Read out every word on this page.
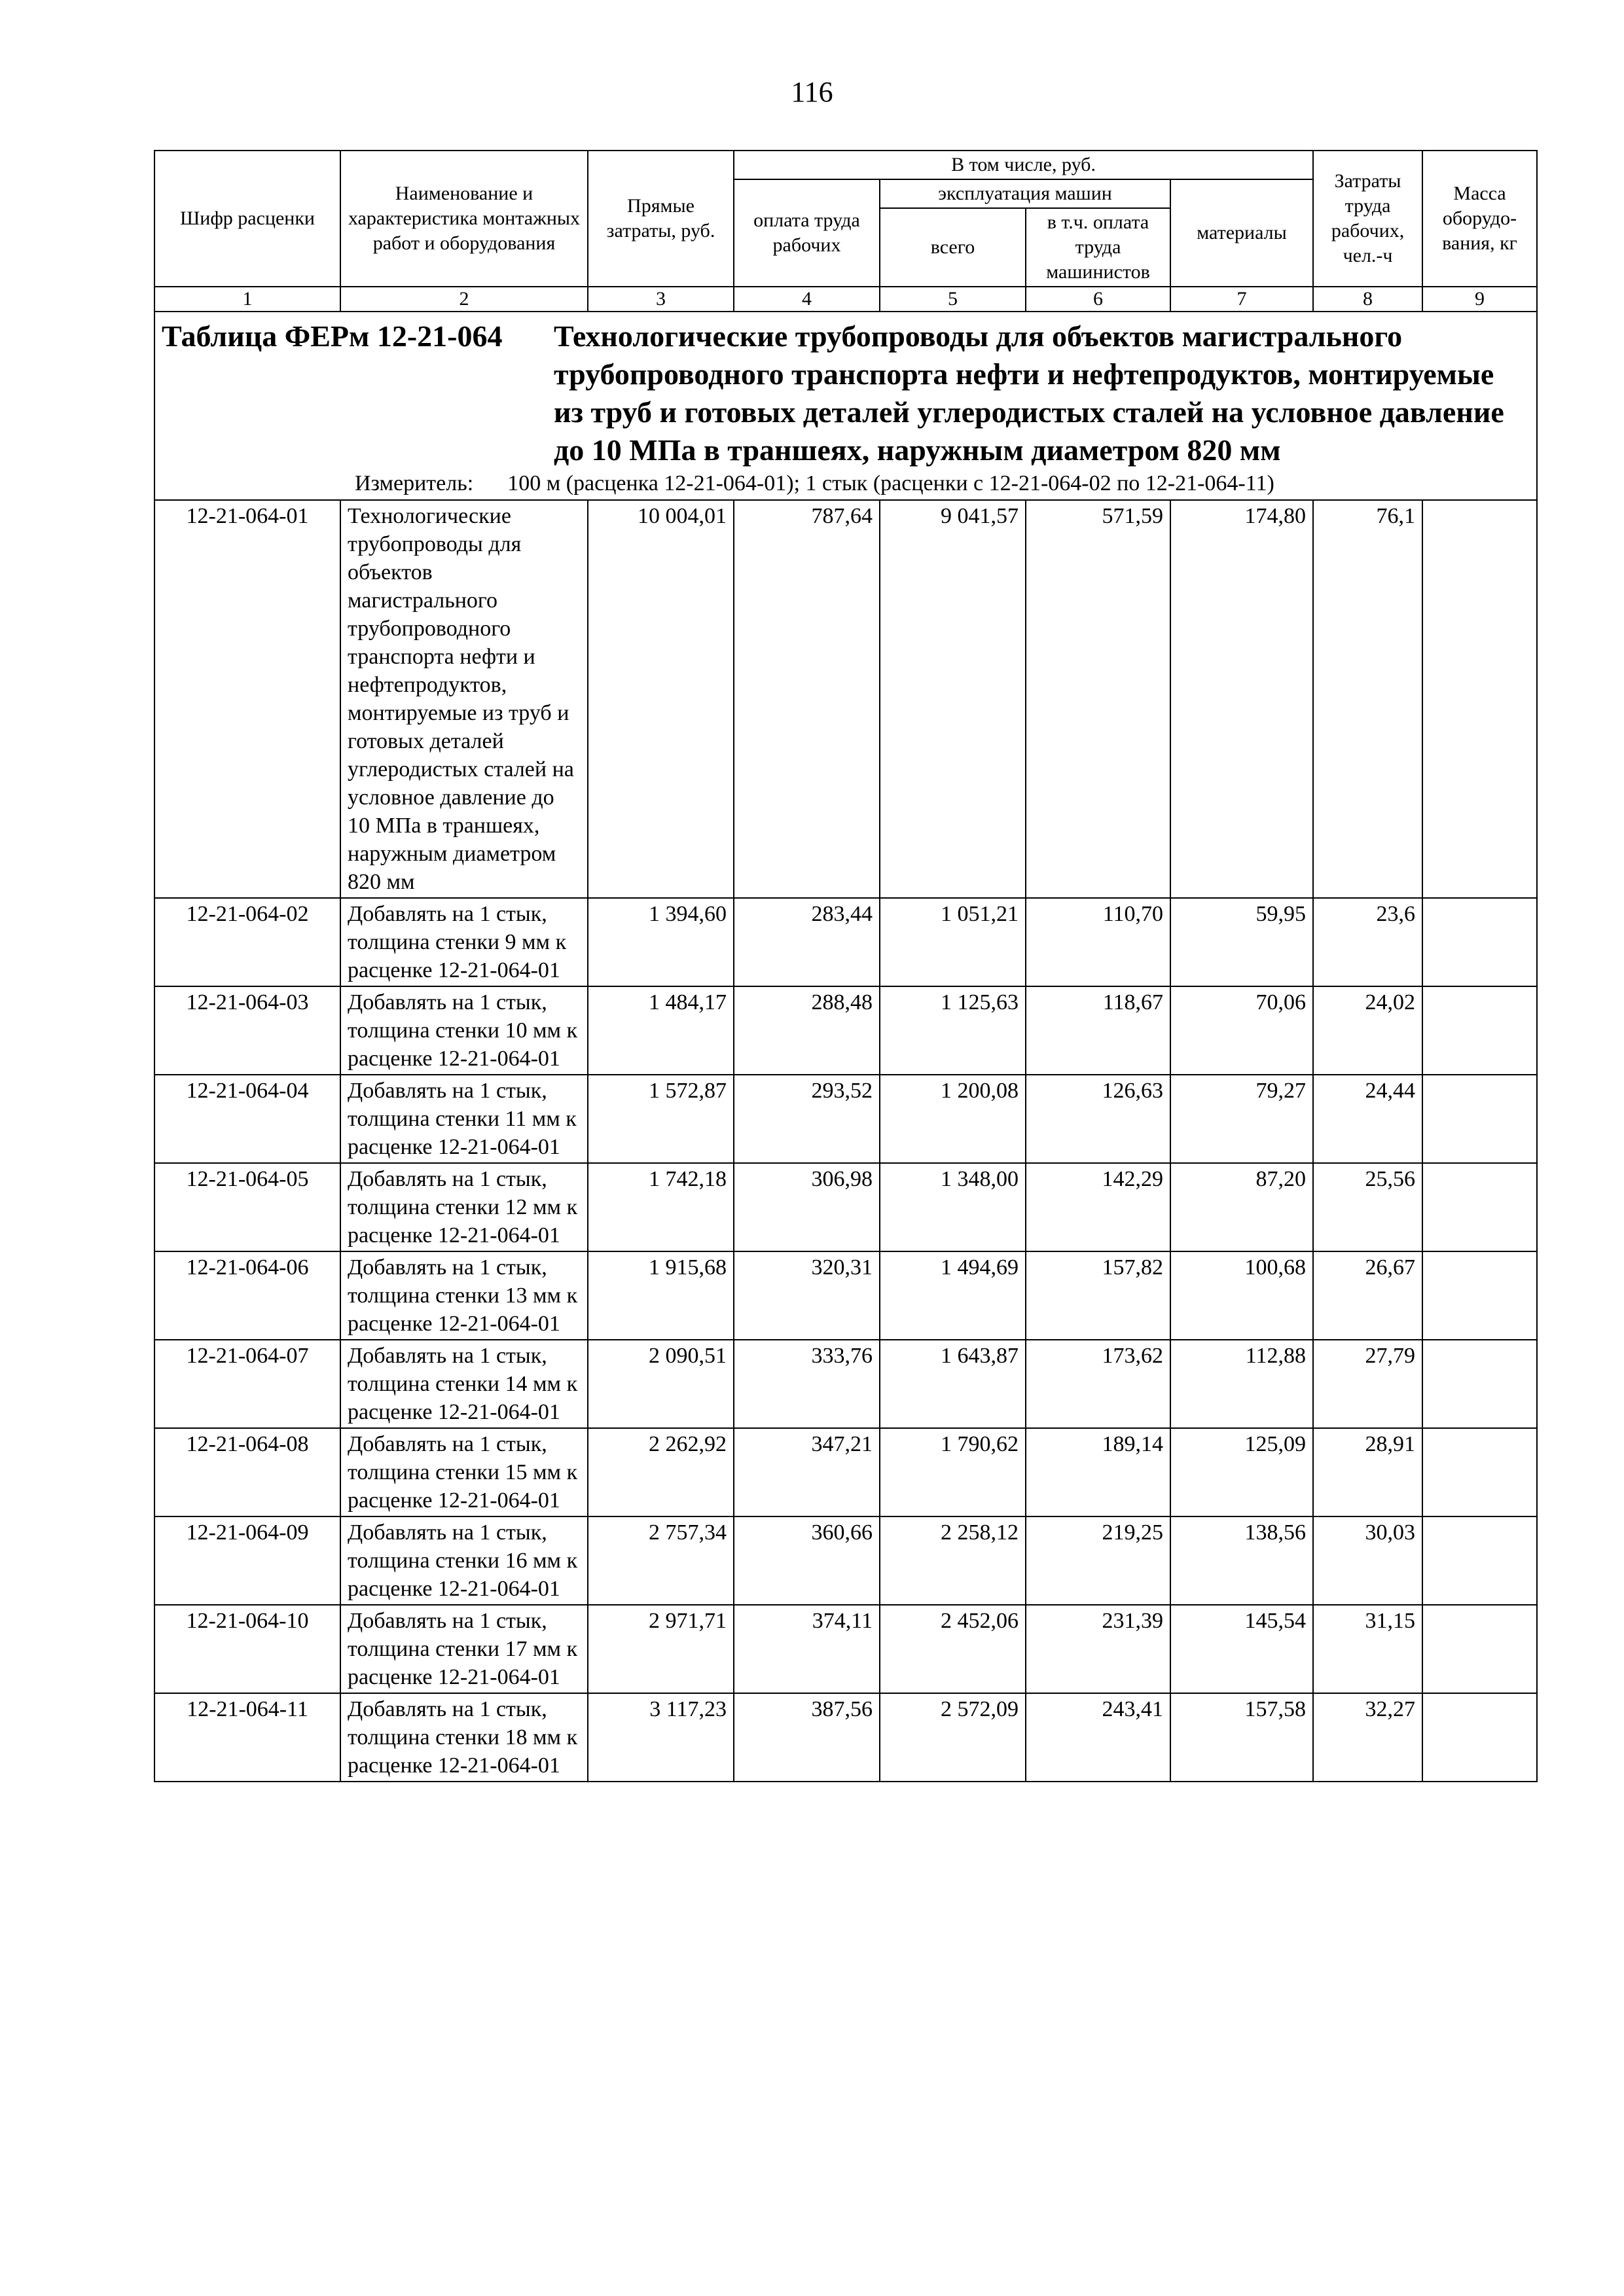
116
Шифр расценки	Наименование и характеристика монтажных работ и оборудования	Прямые затраты, руб.	В том числе, руб.				Затраты труда рабочих, чел.-ч	Масса оборудо-вания, кг
			оплата труда рабочих	эксплуатация машин		материалы		
				всего	в т.ч. оплата труда машинистов			
1	2	3	4	5	6	7	8	9

Таблица ФЕРм 12-21-064 Технологические трубопроводы для объектов магистрального трубопроводного транспорта нефти и нефтепродуктов, монтируемые из труб и готовых деталей углеродистых сталей на условное давление до 10 МПа в траншеях, наружным диаметром 820 мм
Измеритель: 100 м (расценка 12-21-064-01); 1 стык (расценки с 12-21-064-02 по 12-21-064-11)								

12-21-064-01	Технологические трубопроводы для объектов магистрального трубопроводного транспорта нефти и нефтепродуктов, монтируемые из труб и готовых деталей углеродистых сталей на условное давление до 10 МПа в траншеях, наружным диаметром 820 мм	10 004,01	787,64	9 041,57	571,59	174,80	76,1	
12-21-064-02	Добавлять на 1 стык, толщина стенки 9 мм к расценке 12-21-064-01	1 394,60	283,44	1 051,21	110,70	59,95	23,6	
12-21-064-03	Добавлять на 1 стык, толщина стенки 10 мм к расценке 12-21-064-01	1 484,17	288,48	1 125,63	118,67	70,06	24,02	
12-21-064-04	Добавлять на 1 стык, толщина стенки 11 мм к расценке 12-21-064-01	1 572,87	293,52	1 200,08	126,63	79,27	24,44	
12-21-064-05	Добавлять на 1 стык, толщина стенки 12 мм к расценке 12-21-064-01	1 742,18	306,98	1 348,00	142,29	87,20	25,56	
12-21-064-06	Добавлять на 1 стык, толщина стенки 13 мм к расценке 12-21-064-01	1 915,68	320,31	1 494,69	157,82	100,68	26,67	
12-21-064-07	Добавлять на 1 стык, толщина стенки 14 мм к расценке 12-21-064-01	2 090,51	333,76	1 643,87	173,62	112,88	27,79	
12-21-064-08	Добавлять на 1 стык, толщина стенки 15 мм к расценке 12-21-064-01	2 262,92	347,21	1 790,62	189,14	125,09	28,91	
12-21-064-09	Добавлять на 1 стык, толщина стенки 16 мм к расценке 12-21-064-01	2 757,34	360,66	2 258,12	219,25	138,56	30,03	
12-21-064-10	Добавлять на 1 стык, толщина стенки 17 мм к расценке 12-21-064-01	2 971,71	374,11	2 452,06	231,39	145,54	31,15	
12-21-064-11	Добавлять на 1 стык, толщина стенки 18 мм к расценке 12-21-064-01	3 117,23	387,56	2 572,09	243,41	157,58	32,27	
